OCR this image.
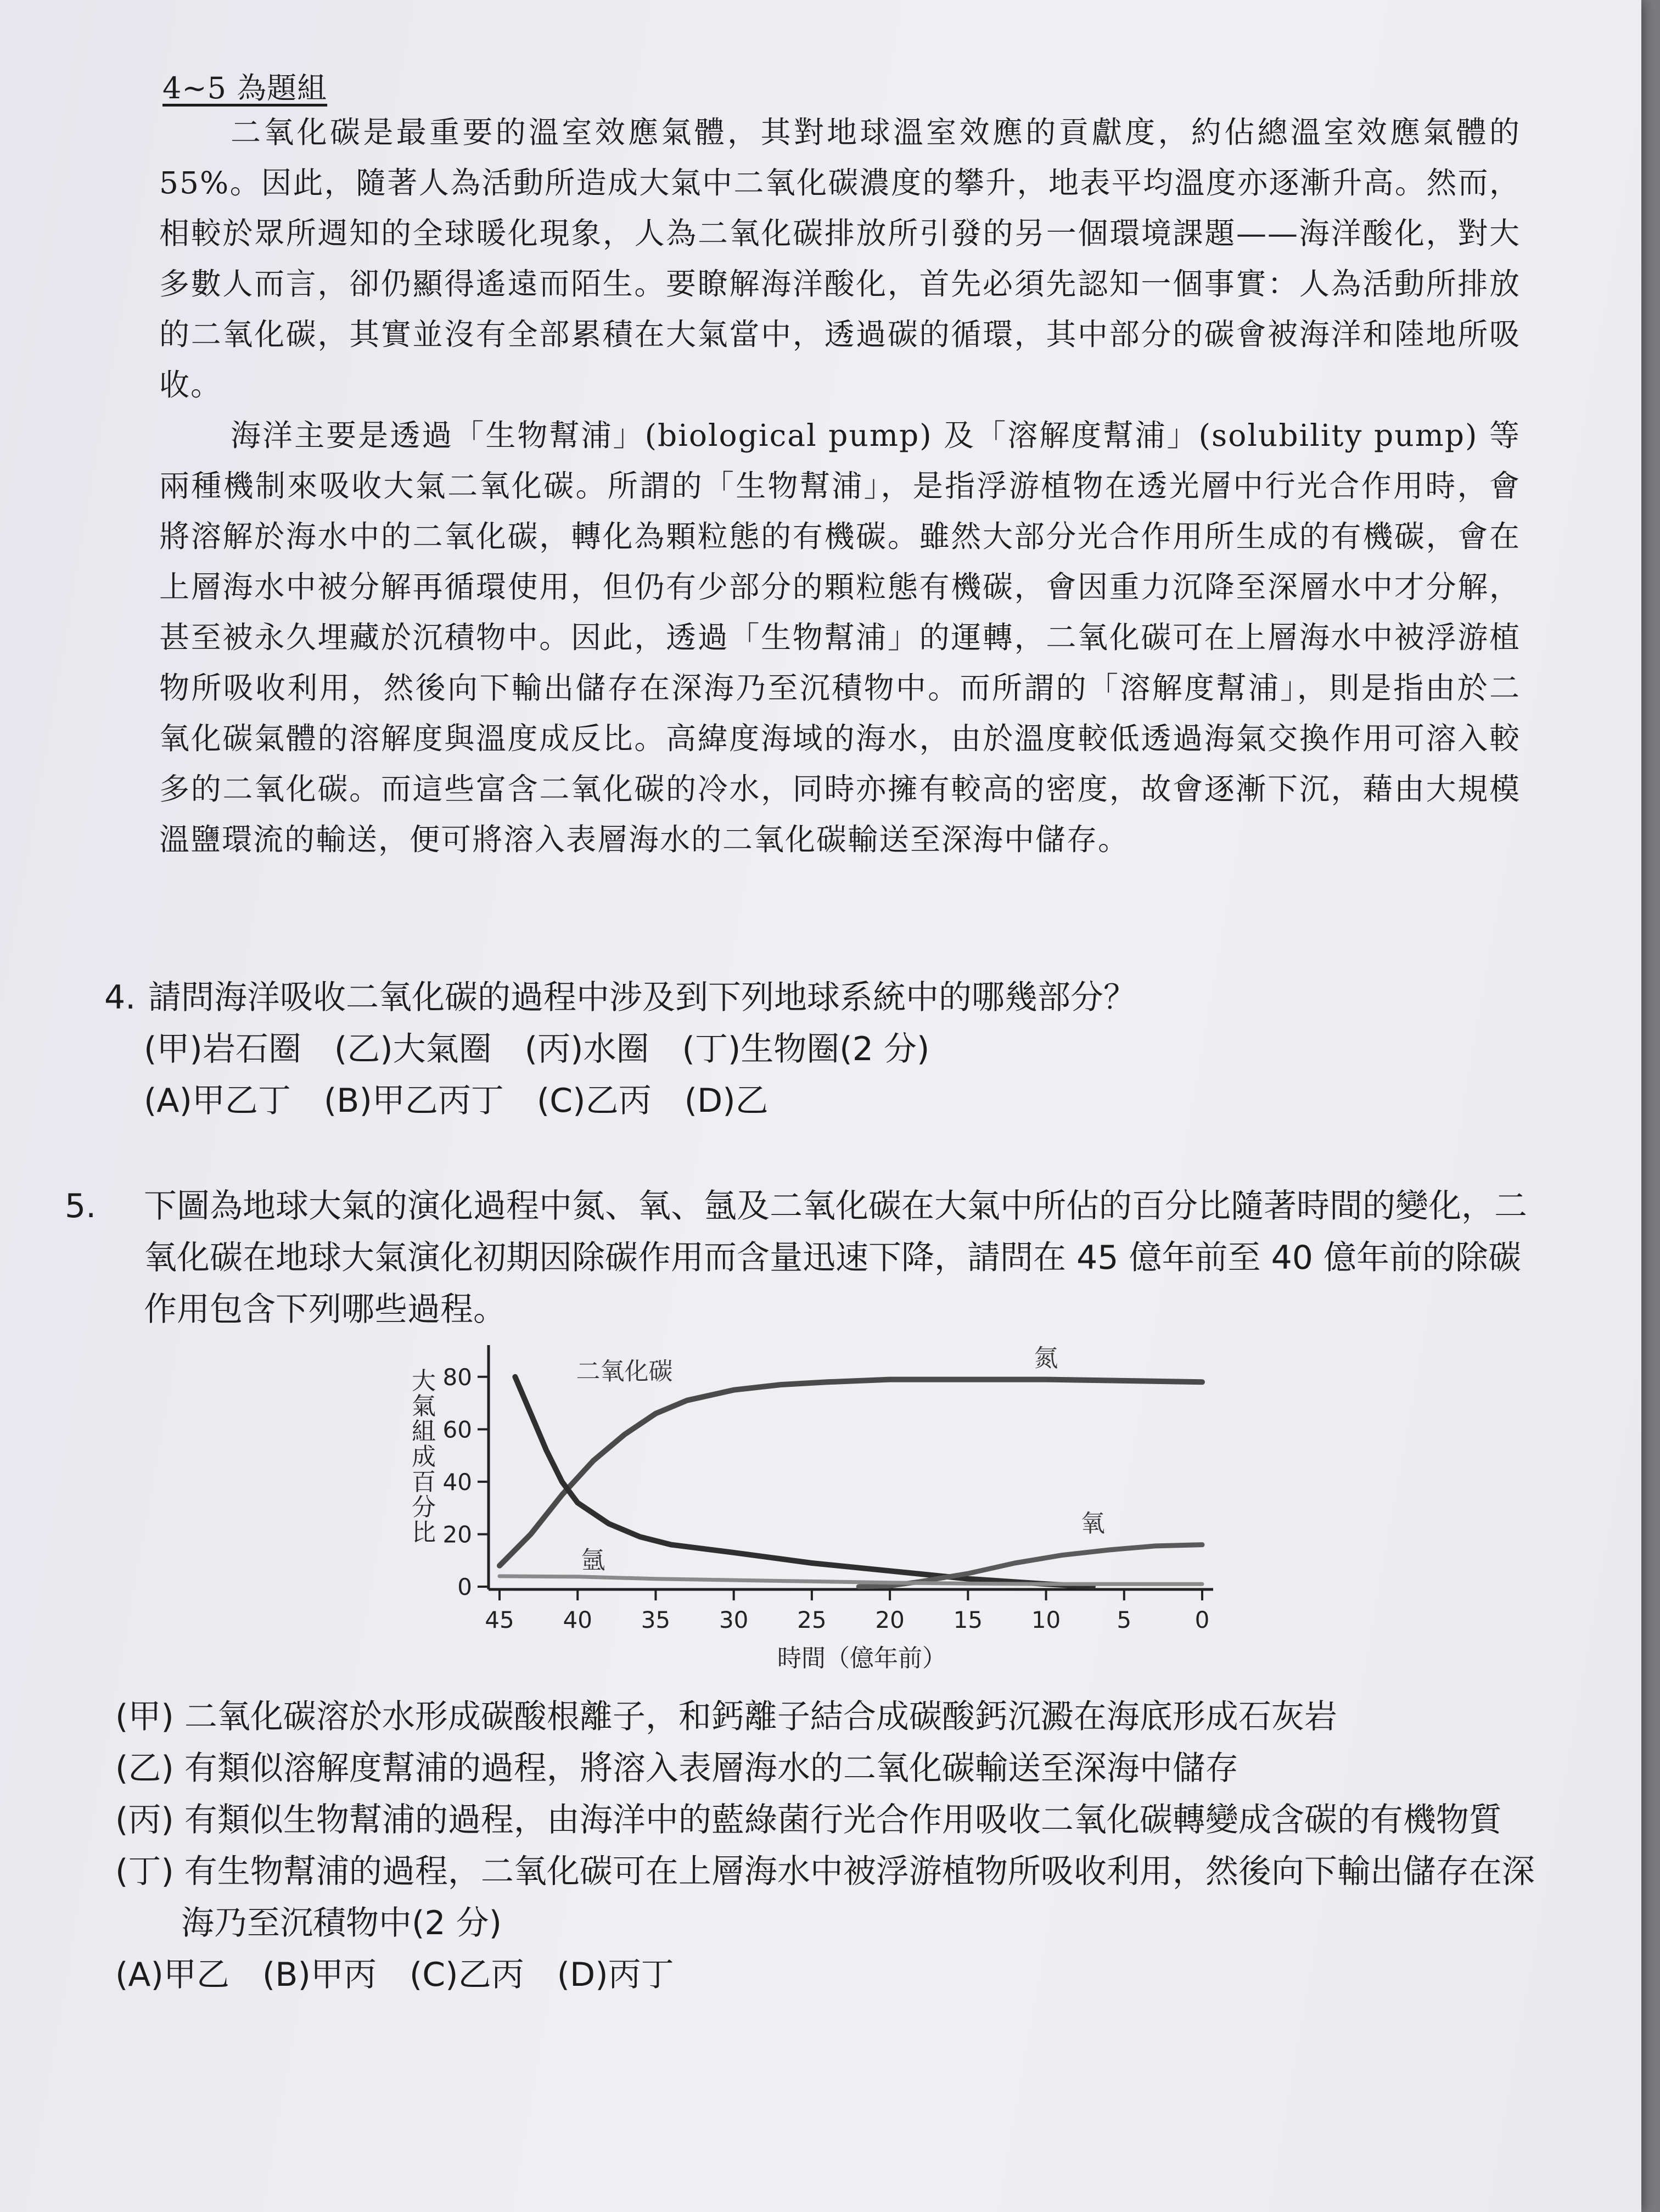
4~5 為題組

二氧化碳是最重要的溫室效應氣體，其對地球溫室效應的貢獻度，約佔總溫室效應氣體的 55%。因此，隨著人為活動所造成大氣中二氧化碳濃度的攀升，地表平均溫度亦逐漸升高。然而，相較於眾所週知的全球暖化現象，人為二氧化碳排放所引發的另一個環境課題——海洋酸化，對大多數人而言，卻仍顯得遙遠而陌生。要瞭解海洋酸化，首先必須先認知一個事實：人為活動所排放的二氧化碳，其實並沒有全部累積在大氣當中，透過碳的循環，其中部分的碳會被海洋和陸地所吸收。

海洋主要是透過「生物幫浦」(biological pump) 及「溶解度幫浦」(solubility pump) 等兩種機制來吸收大氣二氧化碳。所謂的「生物幫浦」，是指浮游植物在透光層中行光合作用時，會將溶解於海水中的二氧化碳，轉化為顆粒態的有機碳。雖然大部分光合作用所生成的有機碳，會在上層海水中被分解再循環使用，但仍有少部分的顆粒態有機碳，會因重力沉降至深層水中才分解，甚至被永久埋藏於沉積物中。因此，透過「生物幫浦」的運轉，二氧化碳可在上層海水中被浮游植物所吸收利用，然後向下輸出儲存在深海乃至沉積物中。而所謂的「溶解度幫浦」，則是指由於二氧化碳氣體的溶解度與溫度成反比。高緯度海域的海水，由於溫度較低透過海氣交換作用可溶入較多的二氧化碳。而這些富含二氧化碳的冷水，同時亦擁有較高的密度，故會逐漸下沉，藉由大規模溫鹽環流的輸送，便可將溶入表層海水的二氧化碳輸送至深海中儲存。

4. 請問海洋吸收二氧化碳的過程中涉及到下列地球系統中的哪幾部分？

(甲)岩石圈 (乙)大氣圈 (丙)水圈 (丁)生物圈(2 分)

(A)甲乙丁 (B)甲乙丙丁 (C)乙丙 (D)乙

5. 下圖為地球大氣的演化過程中氮、氧、氬及二氧化碳在大氣中所佔的百分比隨著時間的變化，二氧化碳在地球大氣演化初期因除碳作用而含量迅速下降，請問在 45 億年前至 40 億年前的除碳作用包含下列哪些過程。

45 40 35 30 25 20 15 10 5	0
0
20
40
60
80
時間（億年前）
大氣組成百分比
氮
二氧化碳
氧
氬

(甲) 二氧化碳溶於水形成碳酸根離子，和鈣離子結合成碳酸鈣沉澱在海底形成石灰岩

(乙) 有類似溶解度幫浦的過程，將溶入表層海水的二氧化碳輸送至深海中儲存

(丙) 有類似生物幫浦的過程，由海洋中的藍綠菌行光合作用吸收二氧化碳轉變成含碳的有機物質

(丁) 有生物幫浦的過程，二氧化碳可在上層海水中被浮游植物所吸收利用，然後向下輸出儲存在深海乃至沉積物中(2 分)

(A)甲乙 (B)甲丙 (C)乙丙 (D)丙丁
